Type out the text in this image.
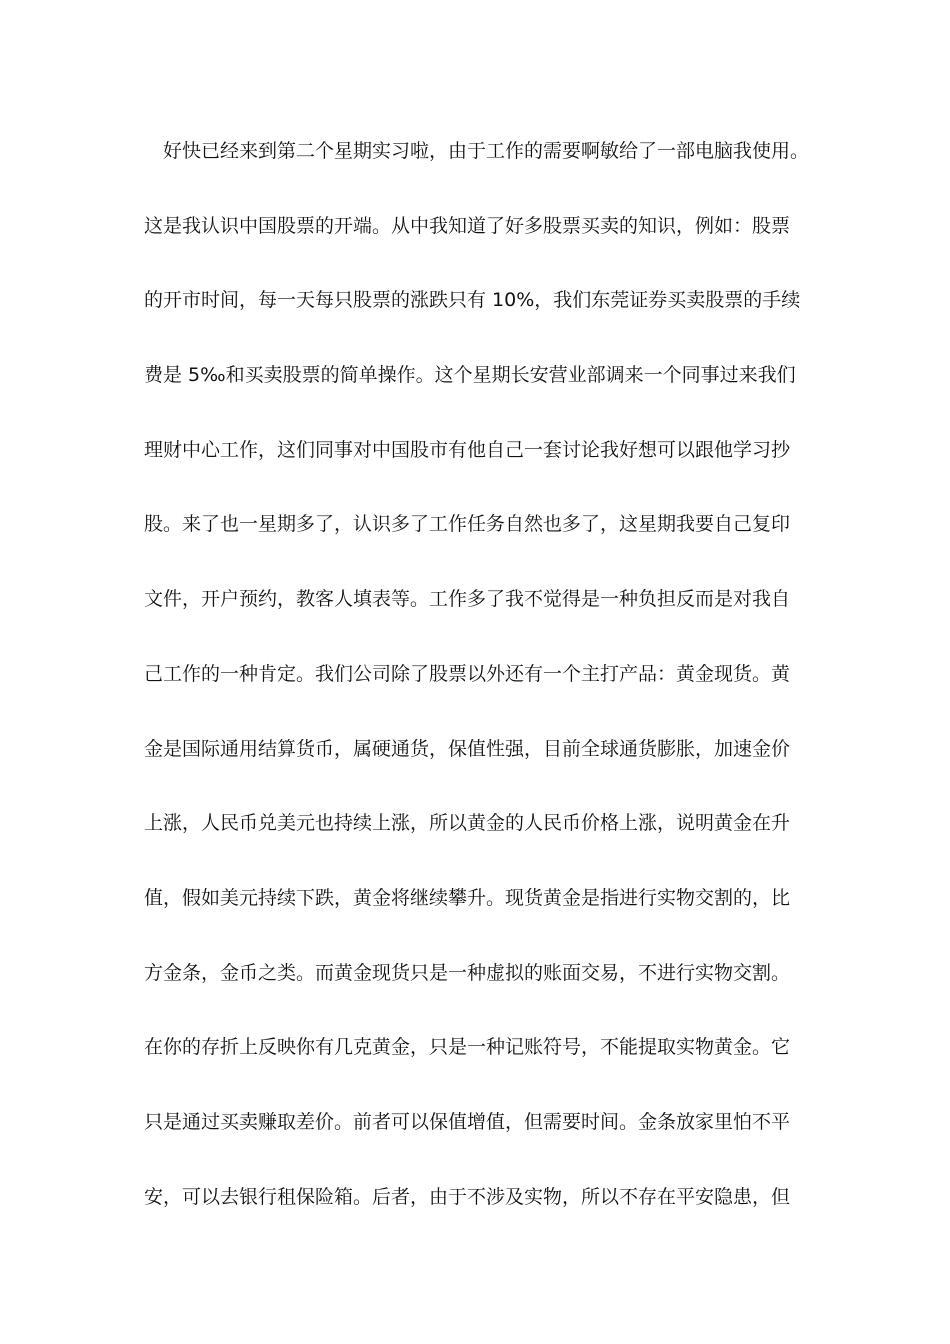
好快已经来到第二个星期实习啦，由于工作的需要啊敏给了一部电脑我使用。
这是我认识中国股票的开端。从中我知道了好多股票买卖的知识，例如：股票
的开市时间，每一天每只股票的涨跌只有 10%，我们东莞证券买卖股票的手续
费是 5‰和买卖股票的简单操作。这个星期长安营业部调来一个同事过来我们
理财中心工作，这们同事对中国股市有他自己一套讨论我好想可以跟他学习抄
股。来了也一星期多了，认识多了工作任务自然也多了，这星期我要自己复印
文件，开户预约，教客人填表等。工作多了我不觉得是一种负担反而是对我自
己工作的一种肯定。我们公司除了股票以外还有一个主打产品：黄金现货。黄
金是国际通用结算货币，属硬通货，保值性强，目前全球通货膨胀，加速金价
上涨，人民币兑美元也持续上涨，所以黄金的人民币价格上涨，说明黄金在升
值，假如美元持续下跌，黄金将继续攀升。现货黄金是指进行实物交割的，比
方金条，金币之类。而黄金现货只是一种虚拟的账面交易，不进行实物交割。
在你的存折上反映你有几克黄金，只是一种记账符号，不能提取实物黄金。它
只是通过买卖赚取差价。前者可以保值增值，但需要时间。金条放家里怕不平
安，可以去银行租保险箱。后者，由于不涉及实物，所以不存在平安隐患，但
